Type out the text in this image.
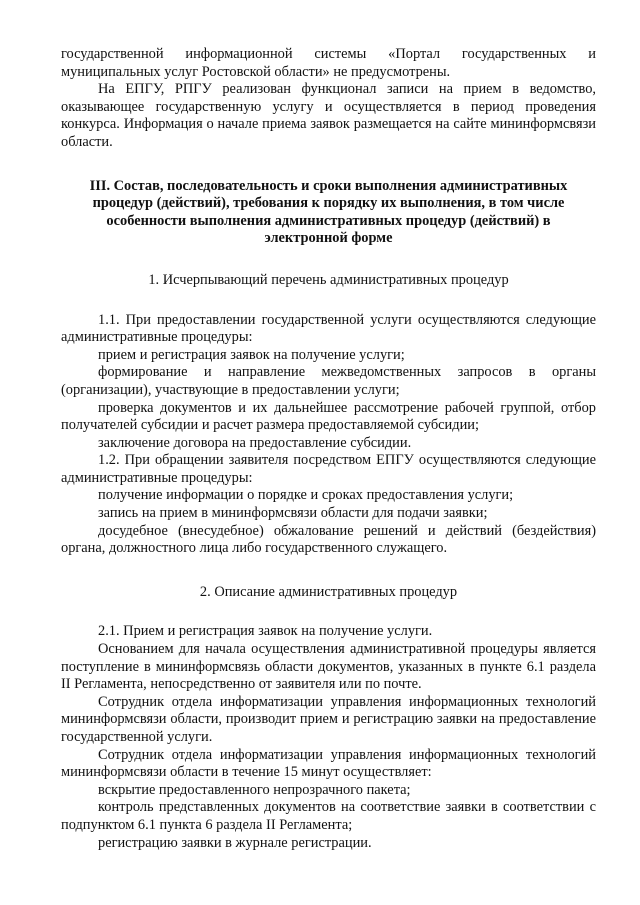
государственной информационной системы «Портал государственных и

муниципальных услуг Ростовской области» не предусмотрены.

На ЕПГУ, РПГУ реализован функционал записи на прием в ведомство, оказывающее государственную услугу и осуществляется в период проведения конкурса. Информация о начале приема заявок размещается на сайте мининформсвязи области.

III. Состав, последовательность и сроки выполнения административных процедур (действий), требования к порядку их выполнения, в том числе особенности выполнения административных процедур (действий) в электронной форме

1. Исчерпывающий перечень административных процедур

1.1. При предоставлении государственной услуги осуществляются следующие административные процедуры:

прием и регистрация заявок на получение услуги;

формирование и направление межведомственных запросов в органы (организации), участвующие в предоставлении услуги;

проверка документов и их дальнейшее рассмотрение рабочей группой, отбор получателей субсидии и расчет размера предоставляемой субсидии;

заключение договора на предоставление субсидии.

1.2. При обращении заявителя посредством ЕПГУ осуществляются следующие административные процедуры:

получение информации о порядке и сроках предоставления услуги;

запись на прием в мининформсвязи области для подачи заявки;

досудебное (внесудебное) обжалование решений и действий (бездействия) органа, должностного лица либо государственного служащего.

2. Описание административных процедур

2.1. Прием и регистрация заявок на получение услуги.

Основанием для начала осуществления административной процедуры является поступление в мининформсвязь области документов, указанных в пункте 6.1 раздела II Регламента, непосредственно от заявителя или по почте.

Сотрудник отдела информатизации управления информационных технологий мининформсвязи области, производит прием и регистрацию заявки на предоставление государственной услуги.

Сотрудник отдела информатизации управления информационных технологий мининформсвязи области в течение 15 минут осуществляет:

вскрытие предоставленного непрозрачного пакета;

контроль представленных документов на соответствие заявки в соответствии с подпунктом 6.1 пункта 6 раздела II Регламента;

регистрацию заявки в журнале регистрации.
